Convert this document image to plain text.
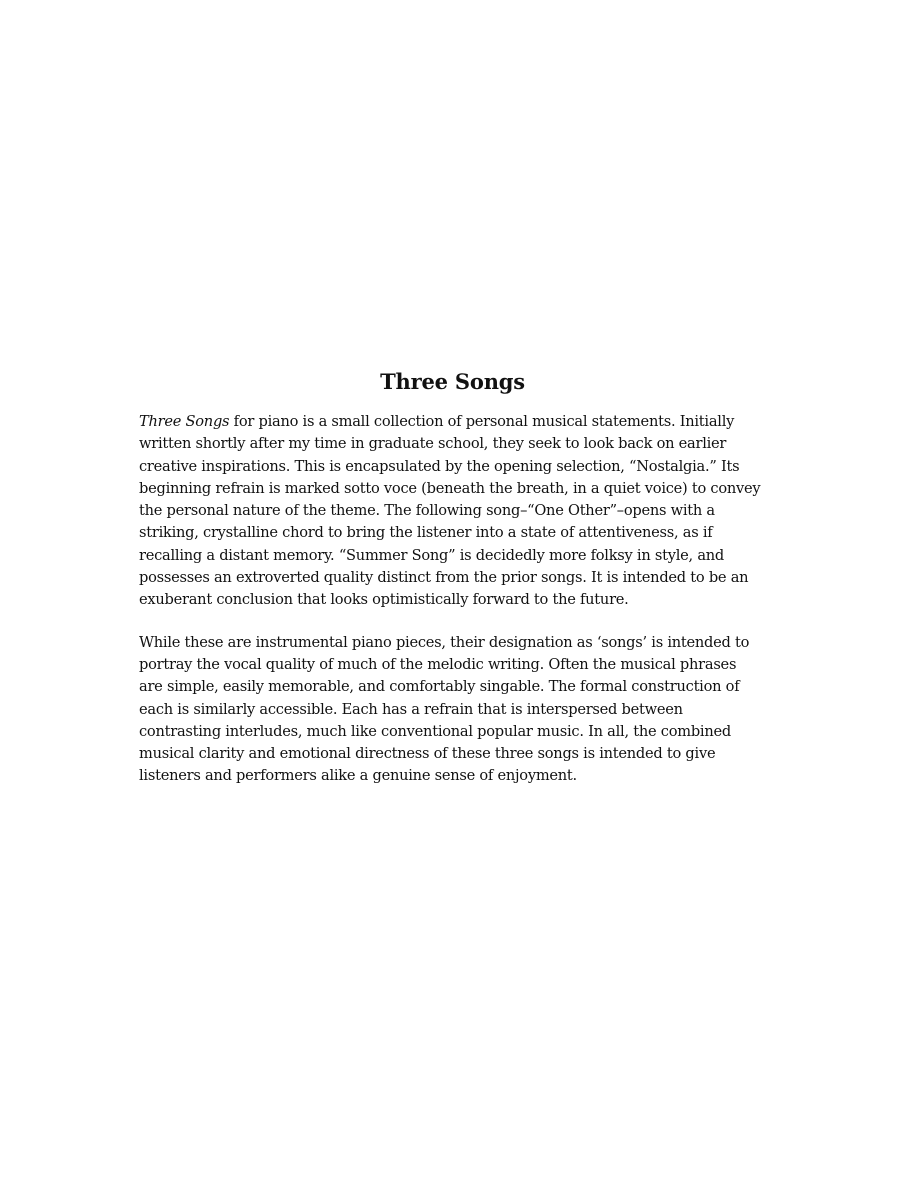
Three Songs

Three Songs for piano is a small collection of personal musical statements. Initially written shortly after my time in graduate school, they seek to look back on earlier creative inspirations. This is encapsulated by the opening selection, “Nostalgia.” Its beginning refrain is marked sotto voce (beneath the breath, in a quiet voice) to convey the personal nature of the theme. The following song–“One Other”–opens with a striking, crystalline chord to bring the listener into a state of attentiveness, as if recalling a distant memory. “Summer Song” is decidedly more folksy in style, and possesses an extroverted quality distinct from the prior songs. It is intended to be an exuberant conclusion that looks optimistically forward to the future.

While these are instrumental piano pieces, their designation as ‘songs’ is intended to portray the vocal quality of much of the melodic writing. Often the musical phrases are simple, easily memorable, and comfortably singable. The formal construction of each is similarly accessible. Each has a refrain that is interspersed between contrasting interludes, much like conventional popular music. In all, the combined musical clarity and emotional directness of these three songs is intended to give listeners and performers alike a genuine sense of enjoyment.
